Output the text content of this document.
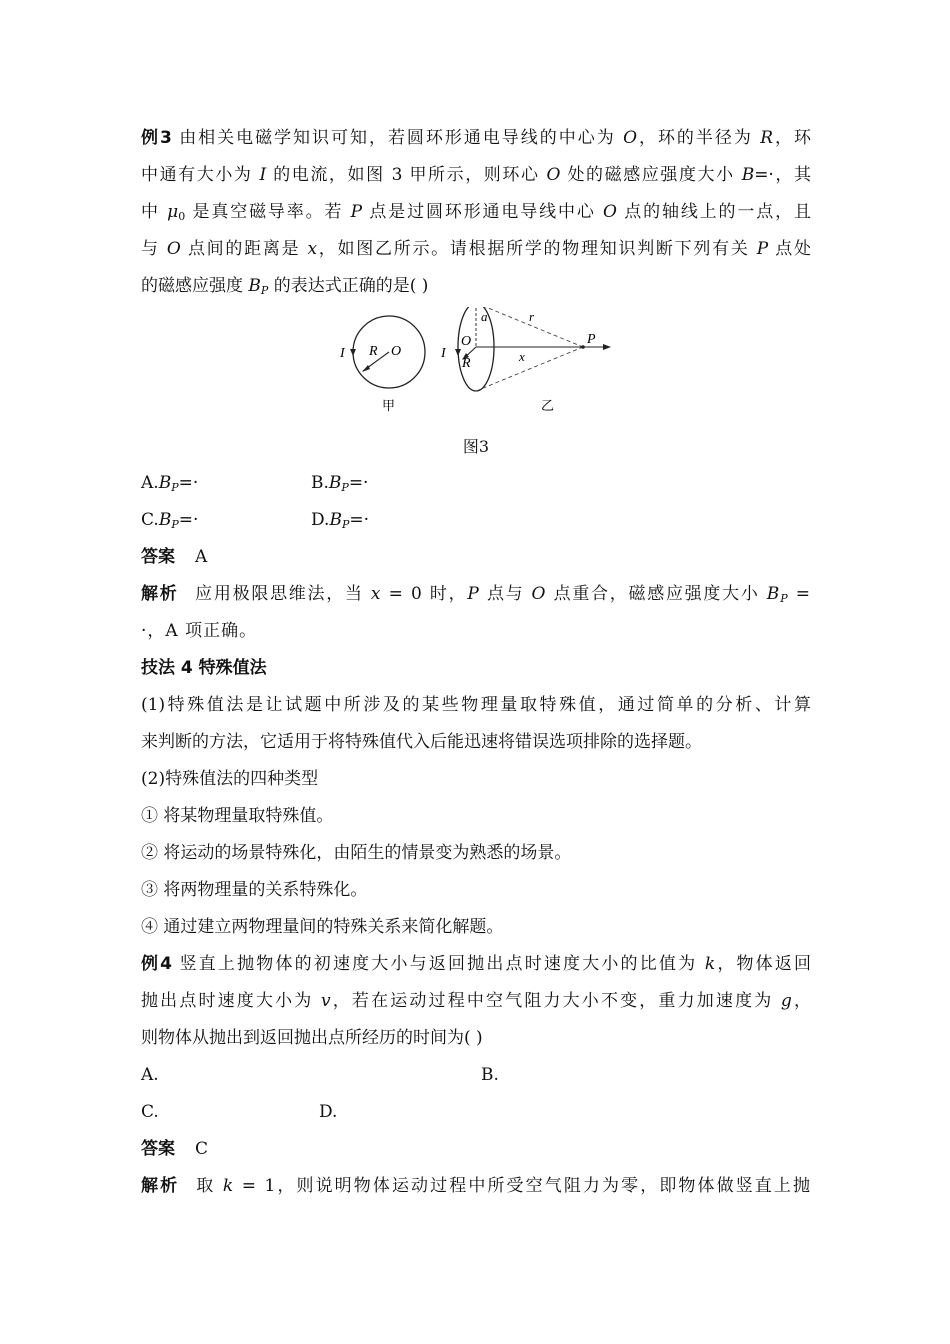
例3 由相关电磁学知识可知，若圆环形通电导线的中心为 O，环的半径为 R，环

中通有大小为 I 的电流，如图 3 甲所示，则环心 O 处的磁感应强度大小 B=·，其

中 $\mu_0$ 是真空磁导率。若 P 点是过圆环形通电导线中心 O 点的轴线上的一点，且

与 O 点间的距离是 x，如图乙所示。请根据所学的物理知识判断下列有关 P 点处

的磁感应强度 $B_P$ 的表达式正确的是( )

I R O
甲
a	r
I
O
R	x
P
乙
图3

$A.B_P=\cdot$	$B.B_P=\cdot$

$C.B_P=\cdot$	$D.B_P=\cdot$

答案 A

解析 应用极限思维法，当 x = 0 时，P 点与 O 点重合，磁感应强度大小 $B_P$ =

·，A 项正确。

技法 4 特殊值法

(1)特殊值法是让试题中所涉及的某些物理量取特殊值，通过简单的分析、计算

来判断的方法，它适用于将特殊值代入后能迅速将错误选项排除的选择题。

(2)特殊值法的四种类型

① 将某物理量取特殊值。

② 将运动的场景特殊化，由陌生的情景变为熟悉的场景。

③ 将两物理量的关系特殊化。

④ 通过建立两物理量间的特殊关系来简化解题。

例4 竖直上抛物体的初速度大小与返回抛出点时速度大小的比值为 k，物体返回

抛出点时速度大小为 v，若在运动过程中空气阻力大小不变，重力加速度为 g，

则物体从抛出到返回抛出点所经历的时间为( )

A.	B.

C.	D.

答案 C

解析 取 k = 1，则说明物体运动过程中所受空气阻力为零，即物体做竖直上抛
